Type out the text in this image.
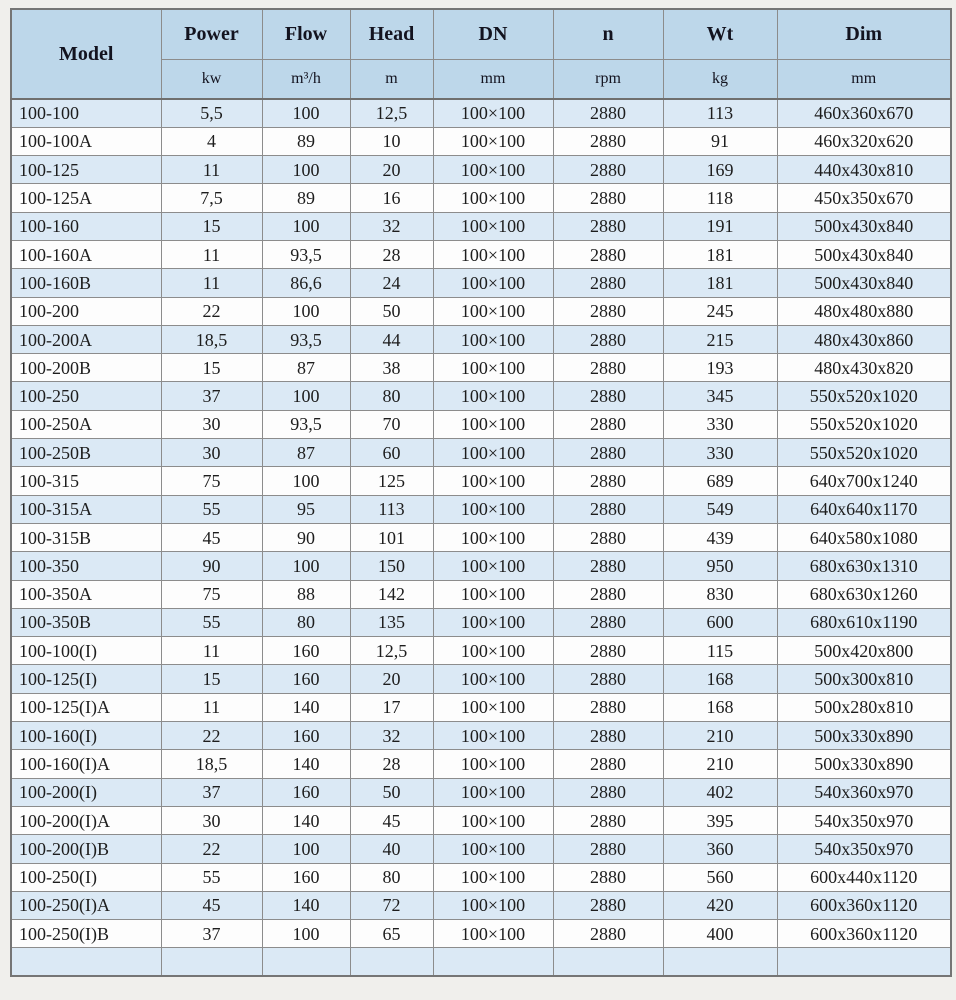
Model	Power	Flow	Head	DN	n	Wt	Dim
	kw	m³/h	m	mm	rpm	kg	mm
100-100	5,5	100	12,5	100×100	2880	113	460x360x670
100-100A	4	89	10	100×100	2880	91	460x320x620
100-125	11	100	20	100×100	2880	169	440x430x810
100-125A	7,5	89	16	100×100	2880	118	450x350x670
100-160	15	100	32	100×100	2880	191	500x430x840
100-160A	11	93,5	28	100×100	2880	181	500x430x840
100-160B	11	86,6	24	100×100	2880	181	500x430x840
100-200	22	100	50	100×100	2880	245	480x480x880
100-200A	18,5	93,5	44	100×100	2880	215	480x430x860
100-200B	15	87	38	100×100	2880	193	480x430x820
100-250	37	100	80	100×100	2880	345	550x520x1020
100-250A	30	93,5	70	100×100	2880	330	550x520x1020
100-250B	30	87	60	100×100	2880	330	550x520x1020
100-315	75	100	125	100×100	2880	689	640x700x1240
100-315A	55	95	113	100×100	2880	549	640x640x1170
100-315B	45	90	101	100×100	2880	439	640x580x1080
100-350	90	100	150	100×100	2880	950	680x630x1310
100-350A	75	88	142	100×100	2880	830	680x630x1260
100-350B	55	80	135	100×100	2880	600	680x610x1190
100-100(I)	11	160	12,5	100×100	2880	115	500x420x800
100-125(I)	15	160	20	100×100	2880	168	500x300x810
100-125(I)A	11	140	17	100×100	2880	168	500x280x810
100-160(I)	22	160	32	100×100	2880	210	500x330x890
100-160(I)A	18,5	140	28	100×100	2880	210	500x330x890
100-200(I)	37	160	50	100×100	2880	402	540x360x970
100-200(I)A	30	140	45	100×100	2880	395	540x350x970
100-200(I)B	22	100	40	100×100	2880	360	540x350x970
100-250(I)	55	160	80	100×100	2880	560	600x440x1120
100-250(I)A	45	140	72	100×100	2880	420	600x360x1120
100-250(I)B	37	100	65	100×100	2880	400	600x360x1120
